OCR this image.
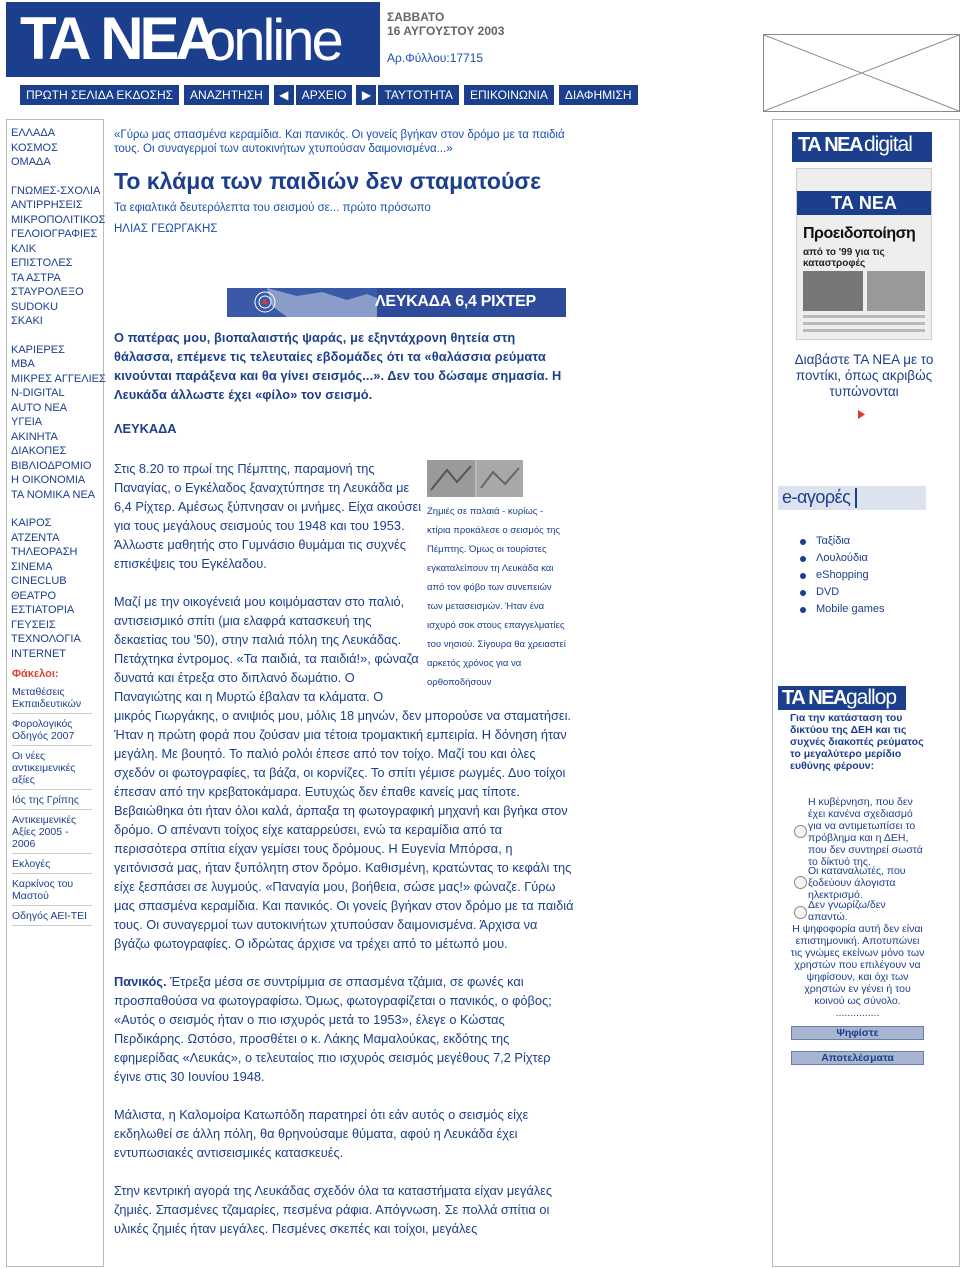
ΤΑ ΝΕΑ
online	ΣΑΒΒΑΤΟ
16 ΑΥΓΟΥΣΤΟΥ 2003
Αρ.Φύλλου:17715
ΠΡΩΤΗ ΣΕΛΙΔΑ ΕΚΔΟΣΗΣ	ΑΝΑΖΗΤΗΣΗ	◀	ΑΡΧΕΙΟ	▶	ΤΑΥΤΟΤΗΤΑ	ΕΠΙΚΟΙΝΩΝΙΑ	ΔΙΑΦΗΜΙΣΗ
ΕΛΛΑΔΑ
ΚΟΣΜΟΣ
ΟΜΑΔΑ
ΓΝΩΜΕΣ-ΣΧΟΛΙΑ
ΑΝΤΙΡΡΗΣΕΙΣ
ΜΙΚΡΟΠΟΛΙΤΙΚΟΣ
ΓΕΛΟΙΟΓΡΑΦΙΕΣ
ΚΛΙΚ
ΕΠΙΣΤΟΛΕΣ
ΤΑ ΑΣΤΡΑ
ΣΤΑΥΡΟΛΕΞΟ
SUDOKU
ΣΚΑΚΙ
ΚΑΡΙΕΡΕΣ
MBA
ΜΙΚΡΕΣ ΑΓΓΕΛΙΕΣ
N-DIGITAL
AUTO ΝΕΑ
ΥΓΕΙΑ
ΑΚΙΝΗΤΑ
ΔΙΑΚΟΠΕΣ
ΒΙΒΛΙΟΔΡΟΜΙΟ
Η ΟΙΚΟΝΟΜΙΑ
ΤΑ ΝΟΜΙΚΑ ΝΕΑ
ΚΑΙΡΟΣ
ΑΤΖΕΝΤΑ
ΤΗΛΕΟΡΑΣΗ
ΣΙΝΕΜΑ
CINECLUB
ΘΕΑΤΡΟ
ΕΣΤΙΑΤΟΡΙΑ
ΓΕΥΣΕΙΣ
ΤΕΧΝΟΛΟΓΙΑ
INTERNET
Φάκελοι:
Μεταθέσεις Εκπαιδευτικών
Φορολογικός Οδηγός 2007
Οι νέες αντικειμενικές αξίες
Ιός της Γρίπης
Αντικειμενικές Αξίες 2005 - 2006
Εκλογές
Καρκίνος του Μαστού
Οδηγός ΑΕΙ-ΤΕΙ
«Γύρω μας σπασμένα κεραμίδια. Και πανικός. Οι γονείς βγήκαν στον δρόμο με τα παιδιά τους. Οι συναγερμοί των αυτοκινήτων χτυπούσαν δαιμονισμένα...»
Το κλάμα των παιδιών δεν σταματούσε
Τα εφιαλτικά δευτερόλεπτα του σεισμού σε... πρώτο πρόσωπο
ΗΛΙΑΣ ΓΕΩΡΓΑΚΗΣ
ΛΕΥΚΑΔΑ 6,4 ΡΙΧΤΕΡ
Ο πατέρας μου, βιοπαλαιστής ψαράς, με εξηντάχρονη θητεία στη θάλασσα, επέμενε τις τελευταίες εβδομάδες ότι τα «θαλάσσια ρεύματα κινούνται παράξενα και θα γίνει σεισμός...». Δεν του δώσαμε σημασία. Η Λευκάδα άλλωστε έχει «φίλο» τον σεισμό.
ΛΕΥΚΑΔΑ

Στις 8.20 το πρωί της Πέμπτης, παραμονή της Παναγίας, ο Εγκέλαδος ξαναχτύπησε τη Λευκάδα με 6,4 Ρίχτερ. Αμέσως ξύπνησαν οι μνήμες. Είχα ακούσει για τους μεγάλους σεισμούς του 1948 και του 1953. Άλλωστε μαθητής στο Γυμνάσιο θυμάμαι τις συχνές επισκέψεις του Εγκέλαδου.

Μαζί με την οικογένειά μου κοιμόμασταν στο παλιό, αντισεισμικό σπίτι (μια ελαφρά κατασκευή της δεκαετίας του '50), στην παλιά πόλη της Λευκάδας. Πετάχτηκα έντρομος. «Τα παιδιά, τα παιδιά!», φώναζα δυνατά και έτρεξα στο διπλανό δωμάτιο. Ο Παναγιώτης και η Μυρτώ έβαλαν τα κλάματα. Ο

Ζημιές σε παλαιά - κυρίως - κτίρια προκάλεσε ο σεισμός της Πέμπτης. Όμως οι τουρίστες εγκαταλείπουν τη Λευκάδα και από τον φόβο των συνεπειών των μετασεισμών. Ήταν ένα ισχυρό σοκ στους επαγγελματίες του νησιού. Σίγουρα θα χρειαστεί αρκετός χρόνος για να ορθοποδήσουν

μικρός Γιωργάκης, ο ανιψιός μου, μόλις 18 μηνών, δεν μπορούσε να σταματήσει. Ήταν η πρώτη φορά που ζούσαν μια τέτοια τρομακτική εμπειρία. Η δόνηση ήταν μεγάλη. Με βουητό. Το παλιό ρολόι έπεσε από τον τοίχο. Μαζί του και όλες σχεδόν οι φωτογραφίες, τα βάζα, οι κορνίζες. Το σπίτι γέμισε ρωγμές. Δυο τοίχοι έπεσαν από την κρεβατοκάμαρα. Ευτυχώς δεν έπαθε κανείς μας τίποτε. Βεβαιώθηκα ότι ήταν όλοι καλά, άρπαξα τη φωτογραφική μηχανή και βγήκα στον δρόμο. Ο απέναντι τοίχος είχε καταρρεύσει, ενώ τα κεραμίδια από τα περισσότερα σπίτια είχαν γεμίσει τους δρόμους. Η Ευγενία Μπόρσα, η γειτόνισσά μας, ήταν ξυπόλητη στον δρόμο. Καθισμένη, κρατώντας το κεφάλι της είχε ξεσπάσει σε λυγμούς. «Παναγία μου, βοήθεια, σώσε μας!» φώναζε. Γύρω μας σπασμένα κεραμίδια. Και πανικός. Οι γονείς βγήκαν στον δρόμο με τα παιδιά τους. Οι συναγερμοί των αυτοκινήτων χτυπούσαν δαιμονισμένα. Άρχισα να βγάζω φωτογραφίες. Ο ιδρώτας άρχισε να τρέχει από το μέτωπό μου.

Πανικός. Έτρεξα μέσα σε συντρίμμια σε σπασμένα τζάμια, σε φωνές και προσπαθούσα να φωτογραφίσω. Όμως, φωτογραφίζεται ο πανικός, ο φόβος; «Αυτός ο σεισμός ήταν ο πιο ισχυρός μετά το 1953», έλεγε ο Κώστας Περδικάρης. Ωστόσο, προσθέτει ο κ. Λάκης Μαμαλούκας, εκδότης της εφημερίδας «Λευκάς», ο τελευταίος πιο ισχυρός σεισμός μεγέθους 7,2 Ρίχτερ έγινε στις 30 Ιουνίου 1948.

Μάλιστα, η Καλομοίρα Κατωπόδη παρατηρεί ότι εάν αυτός ο σεισμός είχε εκδηλωθεί σε άλλη πόλη, θα θρηνούσαμε θύματα, αφού η Λευκάδα έχει εντυπωσιακές αντισεισμικές κατασκευές.

Στην κεντρική αγορά της Λευκάδας σχεδόν όλα τα καταστήματα είχαν μεγάλες ζημιές. Σπασμένες τζαμαρίες, πεσμένα ράφια. Απόγνωση. Σε πολλά σπίτια οι υλικές ζημιές ήταν μεγάλες. Πεσμένες σκεπές και τοίχοι, μεγάλες

ΤΑ ΝΕΑ digital
ΤΑ ΝΕΑ
Προειδοποίηση
από το '99 για τις καταστροφές
Διαβάστε ΤΑ ΝΕΑ με το ποντίκι, όπως ακριβώς τυπώνονται
e-αγορές
Ταξίδια
Λουλούδια
eShopping
DVD
Mobile games
ΤΑ ΝΕΑ gallop
Για την κατάσταση του δικτύου της ΔΕΗ και τις συχνές διακοπές ρεύματος το μεγαλύτερο μερίδιο ευθύνης φέρουν:
Η κυβέρνηση, που δεν έχει κανένα σχεδιασμό για να αντιμετωπίσει το πρόβλημα και η ΔΕΗ, που δεν συντηρεί σωστά το δίκτυό της.
Οι καταναλωτές, που ξοδεύουν άλογιστα ηλεκτρισμό.
Δεν γνωρίζω/δεν απαντώ.
Η ψηφοφορία αυτή δεν είναι επιστημονική. Αποτυπώνει τις γνώμες εκείνων μόνο των χρηστών που επιλέγουν να ψηφίσουν, και όχι των χρηστών εν γένει ή του κοινού ως σύνολο.
...............
Ψηφίστε
Αποτελέσματα
